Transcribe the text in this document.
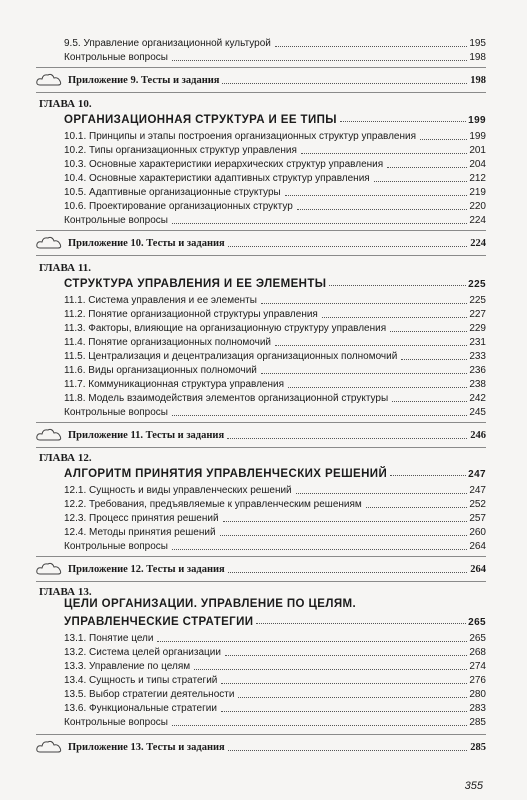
9.5. Управление организационной культурой	195
Контрольные вопросы	198
Приложение 9. Тесты и задания	198
ГЛАВА 10.
ОРГАНИЗАЦИОННАЯ СТРУКТУРА И ЕЕ ТИПЫ	199
10.1. Принципы и этапы построения организационных структур управления	199
10.2. Типы организационных структур управления	201
10.3. Основные характеристики иерархических структур управления	204
10.4. Основные характеристики адаптивных структур управления	212
10.5. Адаптивные организационные структуры	219
10.6. Проектирование организационных структур	220
Контрольные вопросы	224
Приложение 10. Тесты и задания	224
ГЛАВА 11.
СТРУКТУРА УПРАВЛЕНИЯ И ЕЕ ЭЛЕМЕНТЫ	225
11.1. Система управления и ее элементы	225
11.2. Понятие организационной структуры управления	227
11.3. Факторы, влияющие на организационную структуру управления	229
11.4. Понятие организационных полномочий	231
11.5. Централизация и децентрализация организационных полномочий	233
11.6. Виды организационных полномочий	236
11.7. Коммуникационная структура управления	238
11.8. Модель взаимодействия элементов организационной структуры	242
Контрольные вопросы	245
Приложение 11. Тесты и задания	246
ГЛАВА 12.
АЛГОРИТМ ПРИНЯТИЯ УПРАВЛЕНЧЕСКИХ РЕШЕНИЙ	247
12.1. Сущность и виды управленческих решений	247
12.2. Требования, предъявляемые к управленческим решениям	252
12.3. Процесс принятия решений	257
12.4. Методы принятия решений	260
Контрольные вопросы	264
Приложение 12. Тесты и задания	264
ГЛАВА 13.
ЦЕЛИ ОРГАНИЗАЦИИ. УПРАВЛЕНИЕ ПО ЦЕЛЯМ.
УПРАВЛЕНЧЕСКИЕ СТРАТЕГИИ	265
13.1. Понятие цели	265
13.2. Система целей организации	268
13.3. Управление по целям	274
13.4. Сущность и типы стратегий	276
13.5. Выбор стратегии деятельности	280
13.6. Функциональные стратегии	283
Контрольные вопросы	285
Приложение 13. Тесты и задания	285
355
